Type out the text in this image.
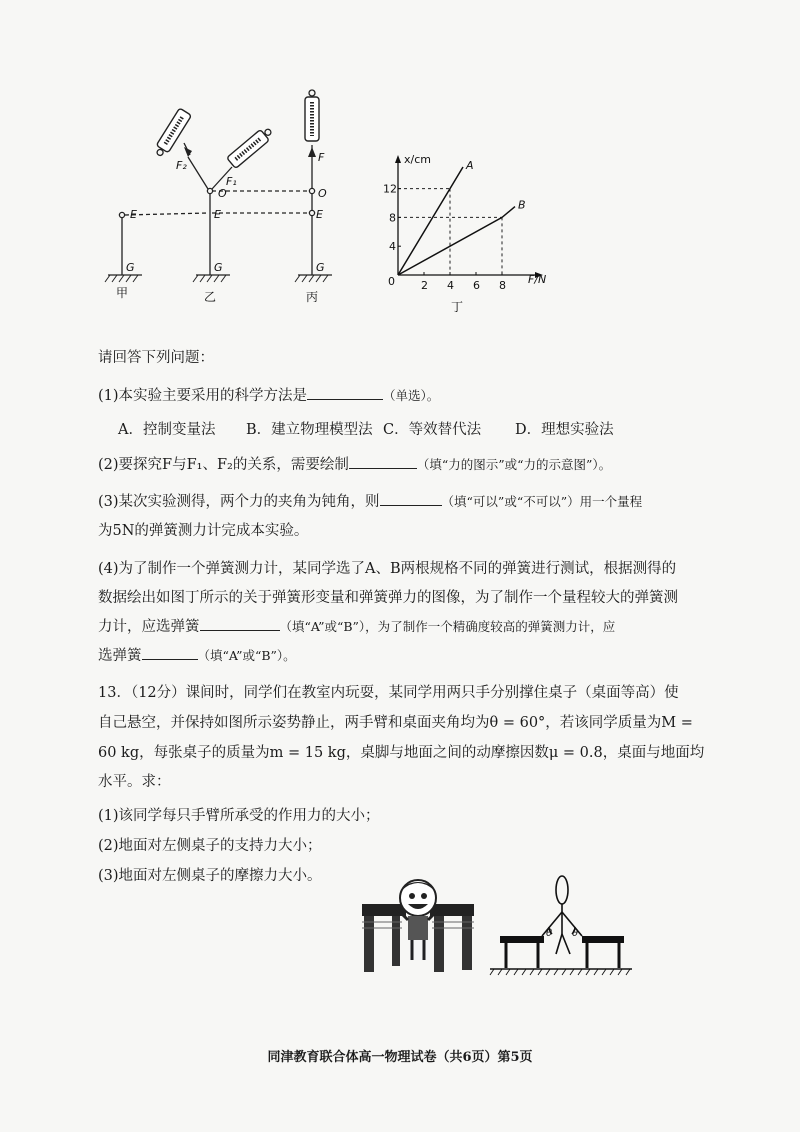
G	G	G
E	E	E
O	O
F
F₁
F₂
甲	乙	丙
2 4 6 8
4
8
12
A
B
x/cm
F/N
0
丁
请回答下列问题：
(1)本实验主要采用的科学方法是	（单选）。
A．控制变量法 B．建立物理模型法 C．等效替代法 D．理想实验法
(2)要探究F与F₁、F₂的关系，需要绘制	（填“力的图示”或“力的示意图”）。
(3)某次实验测得，两个力的夹角为钝角，则	（填“可以”或“不可以”）用一个量程
为5N的弹簧测力计完成本实验。
(4)为了制作一个弹簧测力计，某同学选了A、B两根规格不同的弹簧进行测试，根据测得的
数据绘出如图丁所示的关于弹簧形变量和弹簧弹力的图像，为了制作一个量程较大的弹簧测
力计，应选弹簧	（填“A”或“B”），为了制作一个精确度较高的弹簧测力计，应
选弹簧	（填“A”或“B”）。
13．（12分）课间时，同学们在教室内玩耍，某同学用两只手分别撑住桌子（桌面等高）使
自己悬空，并保持如图所示姿势静止，两手臂和桌面夹角均为θ = 60°，若该同学质量为M =
60 kg，每张桌子的质量为m = 15 kg，桌脚与地面之间的动摩擦因数μ = 0.8，桌面与地面均
水平。求：
(1)该同学每只手臂所承受的作用力的大小；
(2)地面对左侧桌子的支持力大小；
(3)地面对左侧桌子的摩擦力大小。
θ θ
同津教育联合体高一物理试卷（共6页）第5页
